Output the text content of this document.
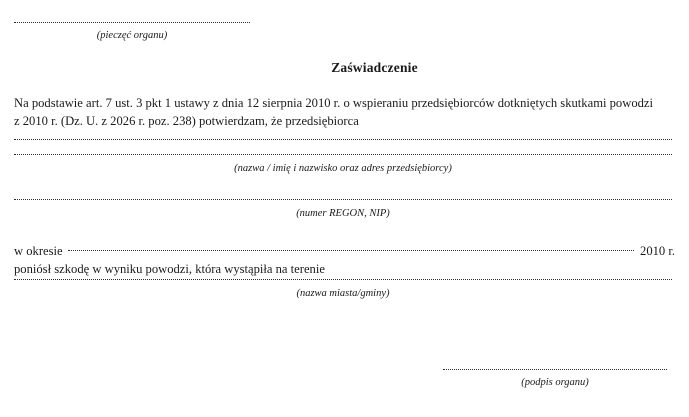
(pieczęć organu)
Zaświadczenie
Na podstawie art. 7 ust. 3 pkt 1 ustawy z dnia 12 sierpnia 2010 r. o wspieraniu przedsiębiorców dotkniętych skutkami powodzi
z 2010 r. (Dz. U. z 2026 r. poz. 238) potwierdzam, że przedsiębiorca
(nazwa / imię i nazwisko oraz adres przedsiębiorcy)
(numer REGON, NIP)
w okresie	2010 r.
poniósł szkodę w wyniku powodzi, która wystąpiła na terenie
(nazwa miasta/gminy)
(podpis organu)
